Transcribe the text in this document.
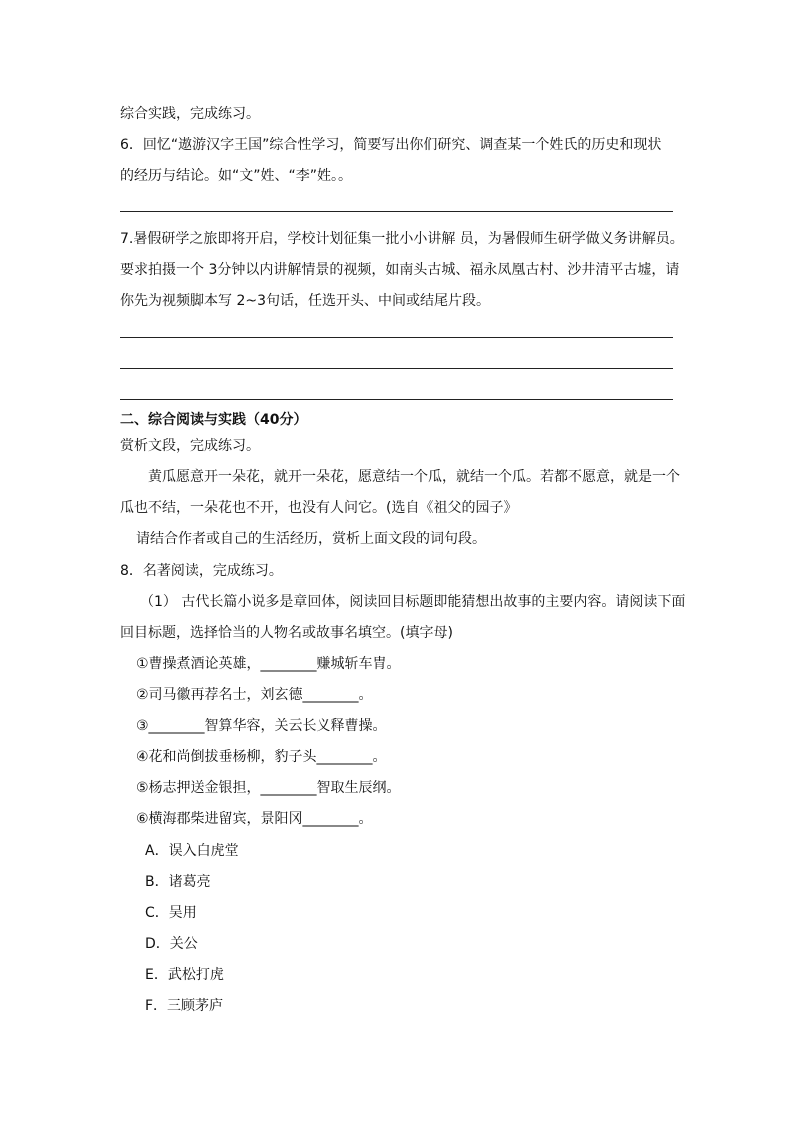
综合实践，完成练习。
6．回忆“遨游汉字王国”综合性学习，简要写出你们研究、调查某一个姓氏的历史和现状
的经历与结论。如“文”姓、“李”姓。。
7.暑假研学之旅即将开启，学校计划征集一批小小讲解 员，为暑假师生研学做义务讲解员。
要求拍摄一个 3分钟以内讲解情景的视频，如南头古城、福永凤凰古村、沙井清平古墟，请
你先为视频脚本写 2~3句话，任选开头、中间或结尾片段。
二、综合阅读与实践（40分）
赏析文段，完成练习。
黄瓜愿意开一朵花，就开一朵花，愿意结一个瓜，就结一个瓜。若都不愿意，就是一个
瓜也不结，一朵花也不开，也没有人问它。(选自《祖父的园子》
请结合作者或自己的生活经历，赏析上面文段的词句段。
8．名著阅读，完成练习。
（1） 古代长篇小说多是章回体，阅读回目标题即能猜想出故事的主要内容。请阅读下面
回目标题，选择恰当的人物名或故事名填空。(填字母)
①曹操煮酒论英雄，________赚城斩车胄。
②司马徽再荐名士，刘玄德________。
③________智算华容，关云长义释曹操。
④花和尚倒拔垂杨柳，豹子头________。
⑤杨志押送金银担，________智取生辰纲。
⑥横海郡柴进留宾，景阳冈________。
A．误入白虎堂
B．诸葛亮
C．吴用
D．关公
E．武松打虎
F．三顾茅庐
